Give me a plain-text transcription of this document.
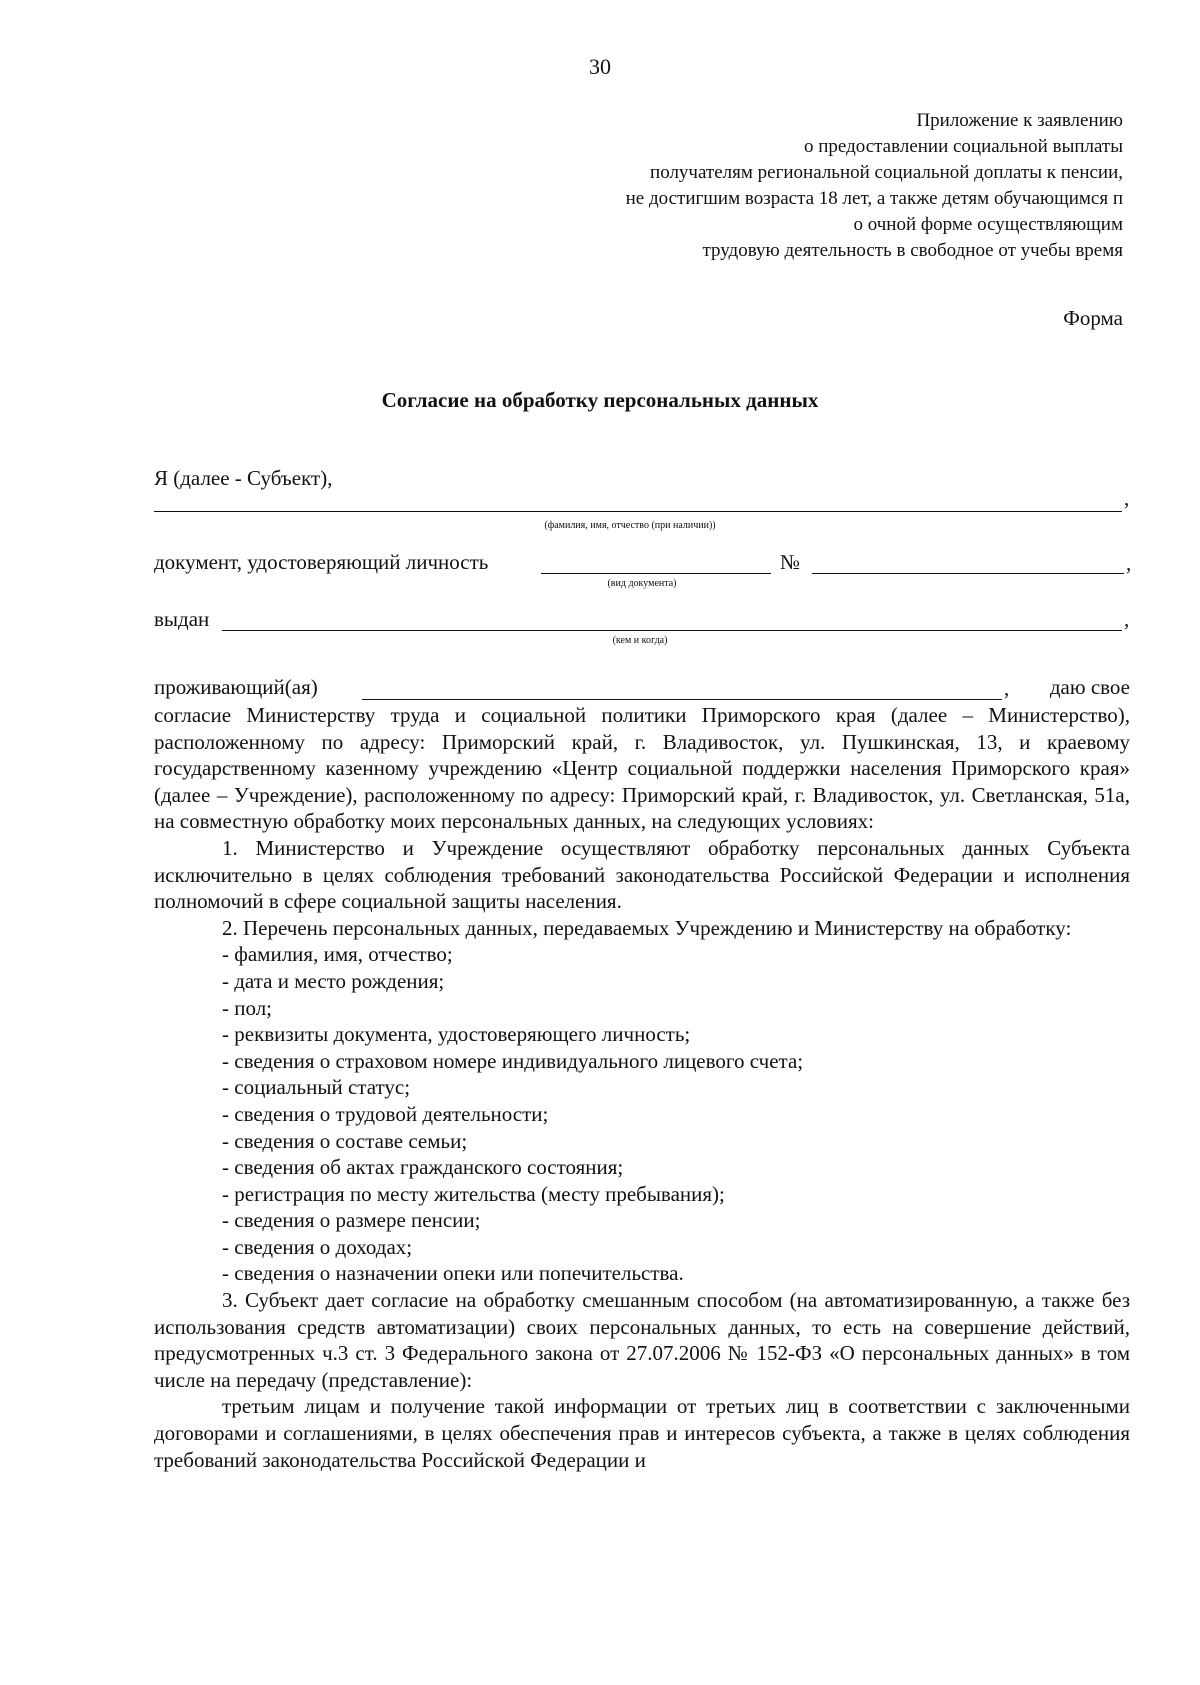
30
Приложение к заявлению
о предоставлении социальной выплаты
получателям региональной социальной доплаты к пенсии,
не достигшим возраста 18 лет, а также детям обучающимся п
о очной форме осуществляющим
трудовую деятельность в свободное от учебы время
Форма
Согласие на обработку персональных данных
Я (далее - Субъект),
,
(фамилия, имя, отчество (при наличии))
документ, удостоверяющий личность	№	,
(вид документа)
выдан	,
(кем и когда)
проживающий(ая)	, даю свое

согласие Министерству труда и социальной политики Приморского края (далее – Министерство), расположенному по адресу: Приморский край, г. Владивосток, ул. Пушкинская, 13, и краевому государственному казенному учреждению «Центр социальной поддержки населения Приморского края» (далее – Учреждение), расположенному по адресу: Приморский край, г. Владивосток, ул. Светланская, 51а, на совместную обработку моих персональных данных, на следующих условиях:

1. Министерство и Учреждение осуществляют обработку персональных данных Субъекта исключительно в целях соблюдения требований законодательства Российской Федерации и исполнения полномочий в сфере социальной защиты населения.

2. Перечень персональных данных, передаваемых Учреждению и Министерству на обработку:

- фамилия, имя, отчество;
- дата и место рождения;
- пол;
- реквизиты документа, удостоверяющего личность;
- сведения о страховом номере индивидуального лицевого счета;
- социальный статус;
- сведения о трудовой деятельности;
- сведения о составе семьи;
- сведения об актах гражданского состояния;
- регистрация по месту жительства (месту пребывания);
- сведения о размере пенсии;
- сведения о доходах;
- сведения о назначении опеки или попечительства.

3. Субъект дает согласие на обработку смешанным способом (на автоматизированную, а также без использования средств автоматизации) своих персональных данных, то есть на совершение действий, предусмотренных ч.3 ст. 3 Федерального закона от 27.07.2006 № 152-ФЗ «О персональных данных» в том числе на передачу (представление):

третьим лицам и получение такой информации от третьих лиц в соответствии с заключенными договорами и соглашениями, в целях обеспечения прав и интересов субъекта, а также в целях соблюдения требований законодательства Российской Федерации и
